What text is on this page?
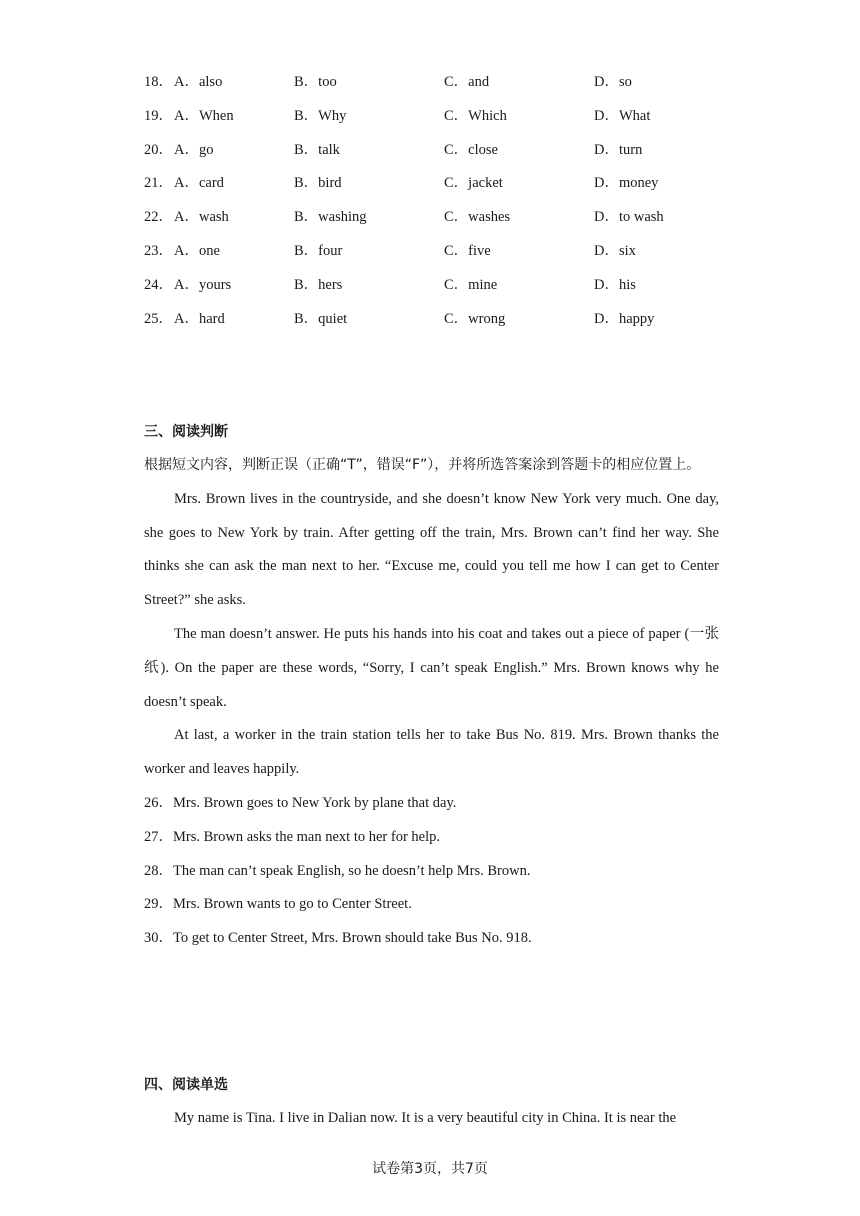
18． A．also	B．too	C．and	D．so
19． A．When	B．Why	C．Which	D．What
20． A．go	B．talk	C．close	D．turn
21． A．card	B．bird	C．jacket	D．money
22． A．wash	B．washing	C．washes	D．to wash
23． A．one	B．four	C．five	D．six
24． A．yours	B．hers	C．mine	D．his
25． A．hard	B．quiet	C．wrong	D．happy
三、阅读判断
根据短文内容，判断正误（正确“T”，错误“F”），并将所选答案涂到答题卡的相应位置上。
Mrs. Brown lives in the countryside, and she doesn’t know New York very much. One day, she goes to New York by train. After getting off the train, Mrs. Brown can’t find her way. She thinks she can ask the man next to her. “Excuse me, could you tell me how I can get to Center Street?” she asks.
The man doesn’t answer. He puts his hands into his coat and takes out a piece of paper (一张纸). On the paper are these words, “Sorry, I can’t speak English.” Mrs. Brown knows why he doesn’t speak.
At last, a worker in the train station tells her to take Bus No. 819. Mrs. Brown thanks the worker and leaves happily.
26．Mrs. Brown goes to New York by plane that day.
27．Mrs. Brown asks the man next to her for help.
28．The man can’t speak English, so he doesn’t help Mrs. Brown.
29．Mrs. Brown wants to go to Center Street.
30．To get to Center Street, Mrs. Brown should take Bus No. 918.
四、阅读单选
My name is Tina. I live in Dalian now. It is a very beautiful city in China. It is near the
试卷第3页，共7页
